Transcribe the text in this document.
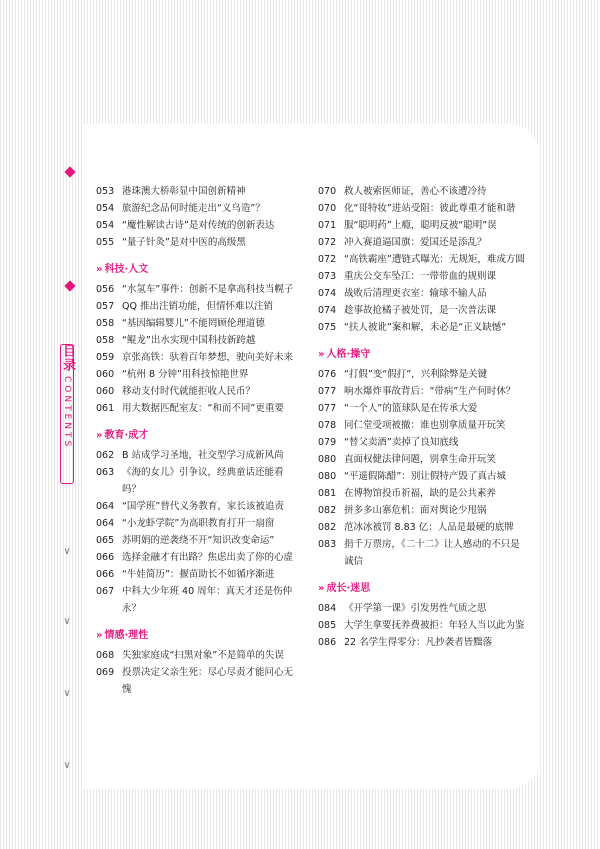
目录
CONTENTS
∨
∨
∨
∨
053 港珠澳大桥彰显中国创新精神
054 旅游纪念品何时能走出“义乌造”？
054 “魔性解读古诗”是对传统的创新表达
055 “量子针灸”是对中医的高级黑
» 科技·人文
056 “水氢车”事件：创新不是拿高科技当幌子
057 QQ 推出注销功能，但情怀难以注销
058 “基因编辑婴儿”不能罔顾伦理道德
058 “鲲龙”出水实现中国科技新跨越
059 京张高铁：驮着百年梦想，驶向美好未来
060 “杭州 8 分钟”用科技惊艳世界
060 移动支付时代就能拒收人民币？
061 用大数据匹配室友：“和而不同”更重要
» 教育·成才
062 B 站成学习圣地，社交型学习成新风尚
063 《海的女儿》引争议，经典童话还能看吗？
064 “国学班”替代义务教育，家长该被追责
064 “小龙虾学院”为高职教育打开一扇窗
065 苏明娟的逆袭绕不开“知识改变命运”
066 选择金融才有出路？焦虑出卖了你的心虚
066 “牛娃简历”：揠苗助长不如循序渐进
067 中科大少年班 40 周年：真天才还是伤仲永？
» 情感·理性
068 失独家庭成“扫黑对象”不是简单的失误
069 投票决定父亲生死：尽心尽责才能问心无愧
070 救人被索医师证，善心不该遭冷待
070 化“哥特妆”进站受阻：彼此尊重才能和谐
071 服“聪明药”上瘾，聪明反被“聪明”误
072 冲入赛道逼国旗：爱国还是添乱？
072 “高铁霸座”遭链式曝光：无规矩，难成方圆
073 重庆公交车坠江：一带带血的规则课
074 战败后清理更衣室：输球不输人品
074 趁事故抢橘子被处罚，是一次普法课
075 “扶人被讹”案和解，未必是“正义缺憾”
» 人格·操守
076 “打假”变“假打”，兴利除弊是关键
077 响水爆炸事故背后：“带病”生产何时休？
077 “一个人”的篮球队是在传承大爱
078 同仁堂受项被撤：谁也别拿质量开玩笑
079 “替父卖酒”卖掉了良知底线
080 直面权健法律问题，别拿生命开玩笑
080 “平遥假陈醋”：别让假特产毁了真古城
081 在博物馆投币祈福，缺的是公共素养
082 拼多多山寨危机：面对舆论少甩锅
082 范冰冰被罚 8.83 亿：人品是最硬的底牌
083 捐千万票房，《二十二》让人感动的不只是诚信
» 成长·迷思
084 《开学第一课》引发男性气质之思
085 大学生拿要抚养费被拒：年轻人当以此为鉴
086 22 名学生得零分：凡抄袭者皆黜落
